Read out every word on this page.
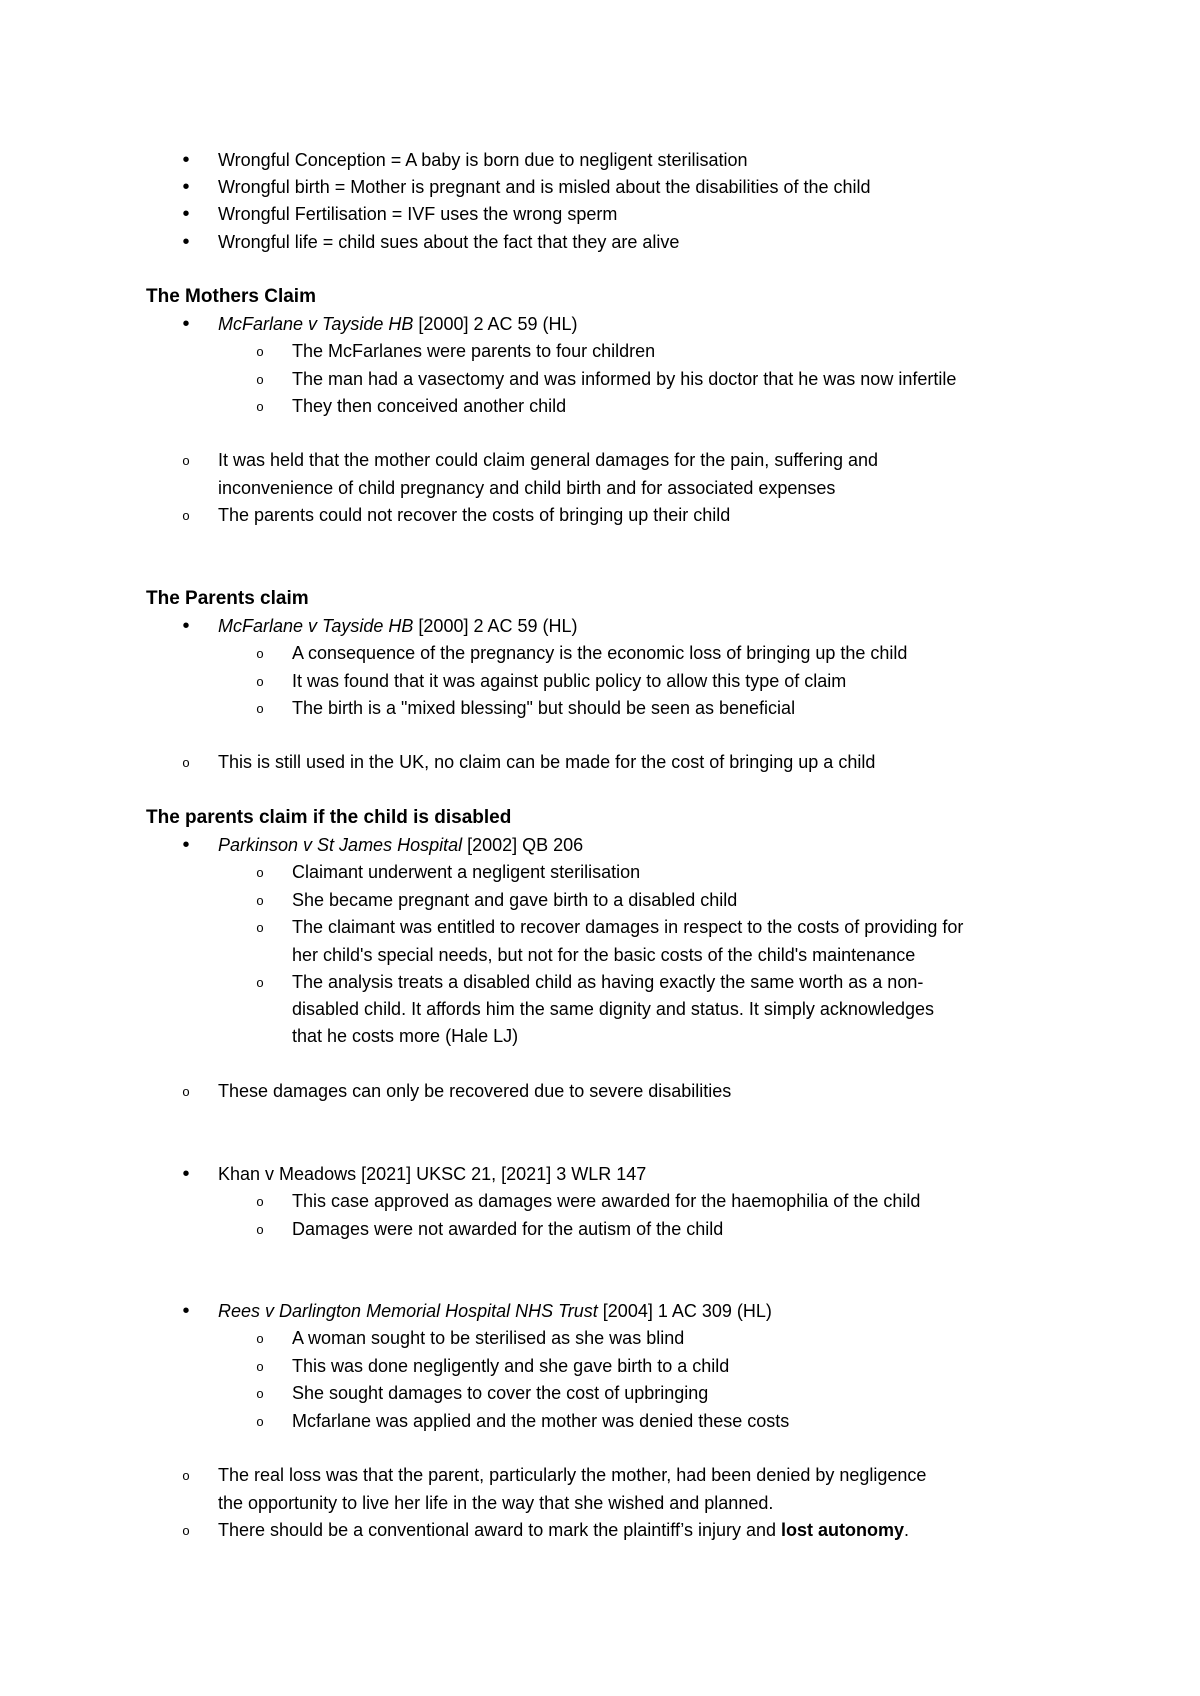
•	Wrongful Conception = A baby is born due to negligent sterilisation
•	Wrongful birth = Mother is pregnant and is misled about the disabilities of the child
•	Wrongful Fertilisation = IVF uses the wrong sperm
•	Wrongful life = child sues about the fact that they are alive
The Mothers Claim
•	McFarlane v Tayside HB [2000] 2 AC 59 (HL)
o	The McFarlanes were parents to four children
o	The man had a vasectomy and was informed by his doctor that he was now infertile
o	They then conceived another child
o	It was held that the mother could claim general damages for the pain, suffering and
inconvenience of child pregnancy and child birth and for associated expenses
o	The parents could not recover the costs of bringing up their child
The Parents claim
•	McFarlane v Tayside HB [2000] 2 AC 59 (HL)
o	A consequence of the pregnancy is the economic loss of bringing up the child
o	It was found that it was against public policy to allow this type of claim
o	The birth is a "mixed blessing" but should be seen as beneficial
o	This is still used in the UK, no claim can be made for the cost of bringing up a child
The parents claim if the child is disabled
•	Parkinson v St James Hospital [2002] QB 206
o	Claimant underwent a negligent sterilisation
o	She became pregnant and gave birth to a disabled child
o	The claimant was entitled to recover damages in respect to the costs of providing for
her child's special needs, but not for the basic costs of the child's maintenance
o	The analysis treats a disabled child as having exactly the same worth as a non-
disabled child. It affords him the same dignity and status. It simply acknowledges
that he costs more (Hale LJ)
o	These damages can only be recovered due to severe disabilities
•	Khan v Meadows [2021] UKSC 21, [2021] 3 WLR 147
o	This case approved as damages were awarded for the haemophilia of the child
o	Damages were not awarded for the autism of the child
•	Rees v Darlington Memorial Hospital NHS Trust [2004] 1 AC 309 (HL)
o	A woman sought to be sterilised as she was blind
o	This was done negligently and she gave birth to a child
o	She sought damages to cover the cost of upbringing
o	Mcfarlane was applied and the mother was denied these costs
o	The real loss was that the parent, particularly the mother, had been denied by negligence
the opportunity to live her life in the way that she wished and planned.
o	There should be a conventional award to mark the plaintiff’s injury and lost autonomy.
